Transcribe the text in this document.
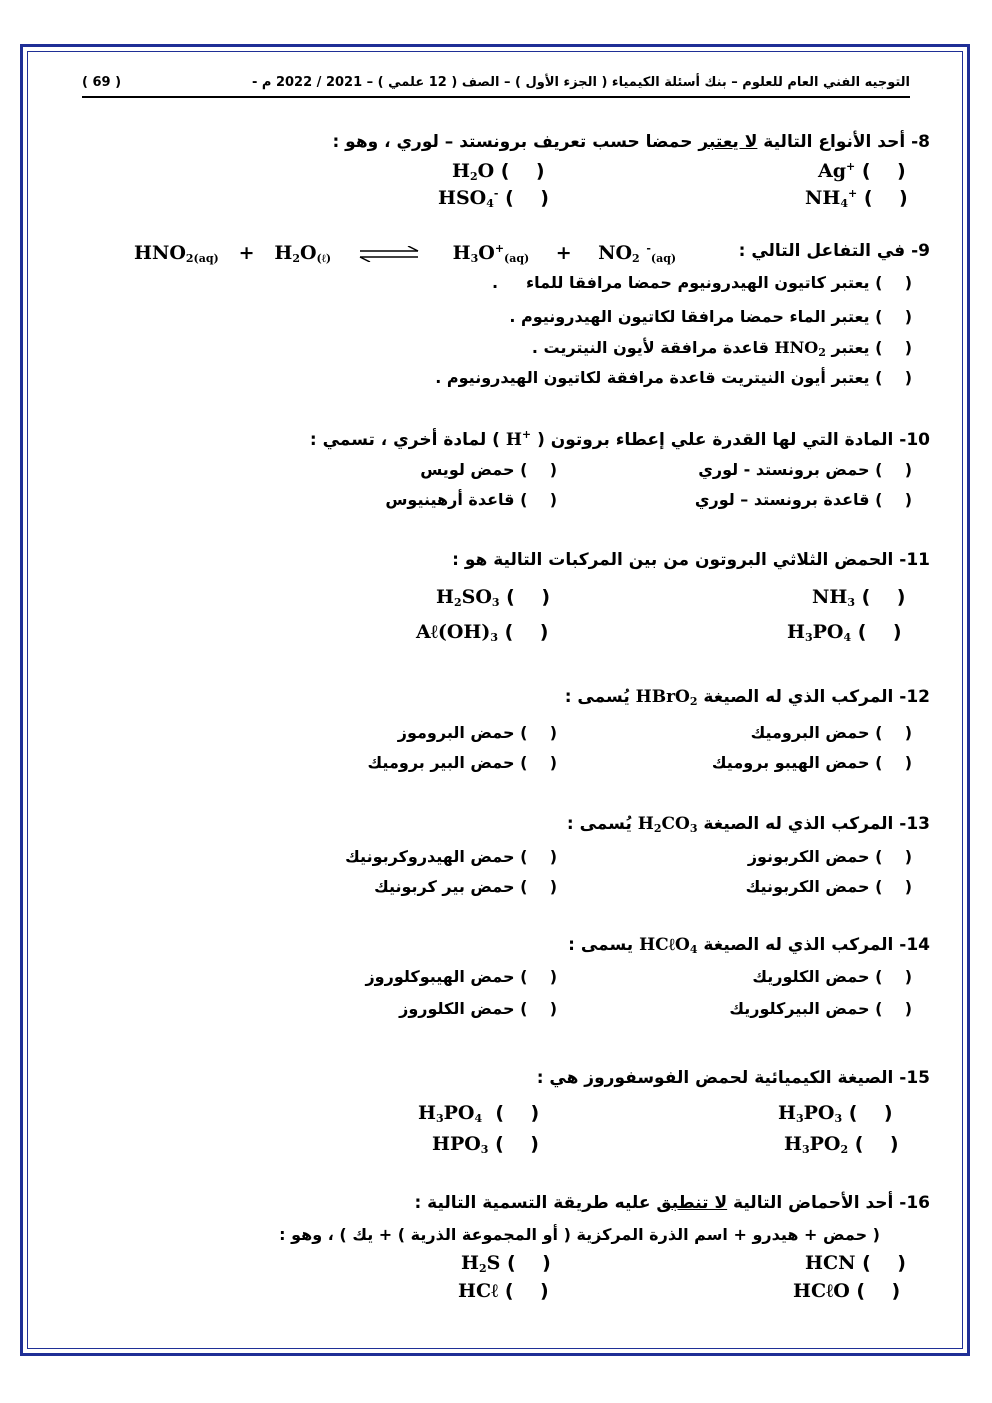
التوجيه الفني العام للعلوم – بنك أسئلة الكيمياء ( الجزء الأول ) – الصف ( 12 علمي ) – 2021 / 2022 م -
( 69 )
8- أحد الأنواع التالية لا يعتبر حمضا حسب تعريف برونستد – لوري ، وهو :
Ag+ (    )
$H_2O$ (    )
$NH_4^+$ (    )
$HSO_4^-$ (    )
9- في التفاعل التالي :
$HNO_{2(aq)} + H_2O_{(\ell)}$ ⇌ $H_3O^+_{(aq)}$    +    $NO_2$ -$_{(aq)}$
(    ) يعتبر كاتيون الهيدرونيوم حمضا مرافقا للماء     .
(    ) يعتبر الماء حمضا مرافقا لكاتيون الهيدرونيوم .
(    ) يعتبر $HNO_2$ قاعدة مرافقة لأيون النيتريت .
(    ) يعتبر أيون النيتريت قاعدة مرافقة لكاتيون الهيدرونيوم .
10- المادة التي لها القدرة علي إعطاء بروتون ( H+ ) لمادة أخري ، تسمي :
(    ) حمض برونستد - لوري
(    ) حمض لويس
(    ) قاعدة برونستد – لوري
(    ) قاعدة أرهينيوس
11- الحمض الثلاثي البروتون من بين المركبات التالية هو :
$NH_3$ (    )
$H_2SO_3$ (    )
$H_3PO_4$ (    )
$A\ell(OH)_3$ (    )
12- المركب الذي له الصيغة HBrO$_2$ يُسمى :
(    ) حمض البروميك
(    ) حمض البروموز
(    ) حمض الهيبو بروميك
(    ) حمض البير بروميك
13- المركب الذي له الصيغة $H_2CO_3$ يُسمى :
(    ) حمض الكربونوز
(    ) حمض الهيدروكربونيك
(    ) حمض الكربونيك
(    ) حمض بير كربونيك
14- المركب الذي له الصيغة HCℓO$_4$ يسمى :
(    ) حمض الكلوريك
(    ) حمض الهيبوكلوروز
(    ) حمض البيركلوريك
(    ) حمض الكلوروز
15- الصيغة الكيميائية لحمض الفوسفوروز هي :
$H_3PO_3$ (    )
$H_3PO_4$ (    )
$H_3PO_2$ (    )
$HPO_3$ (    )
16- أحد الأحماض التالية لا تنطبق عليه طريقة التسمية التالية :
( حمض + هيدرو + اسم الذرة المركزية ( أو المجموعة الذرية ) + يك ) ، وهو :
HCN (    )
$H_2S$ (    )
HCℓO (    )
HCℓ (    )
